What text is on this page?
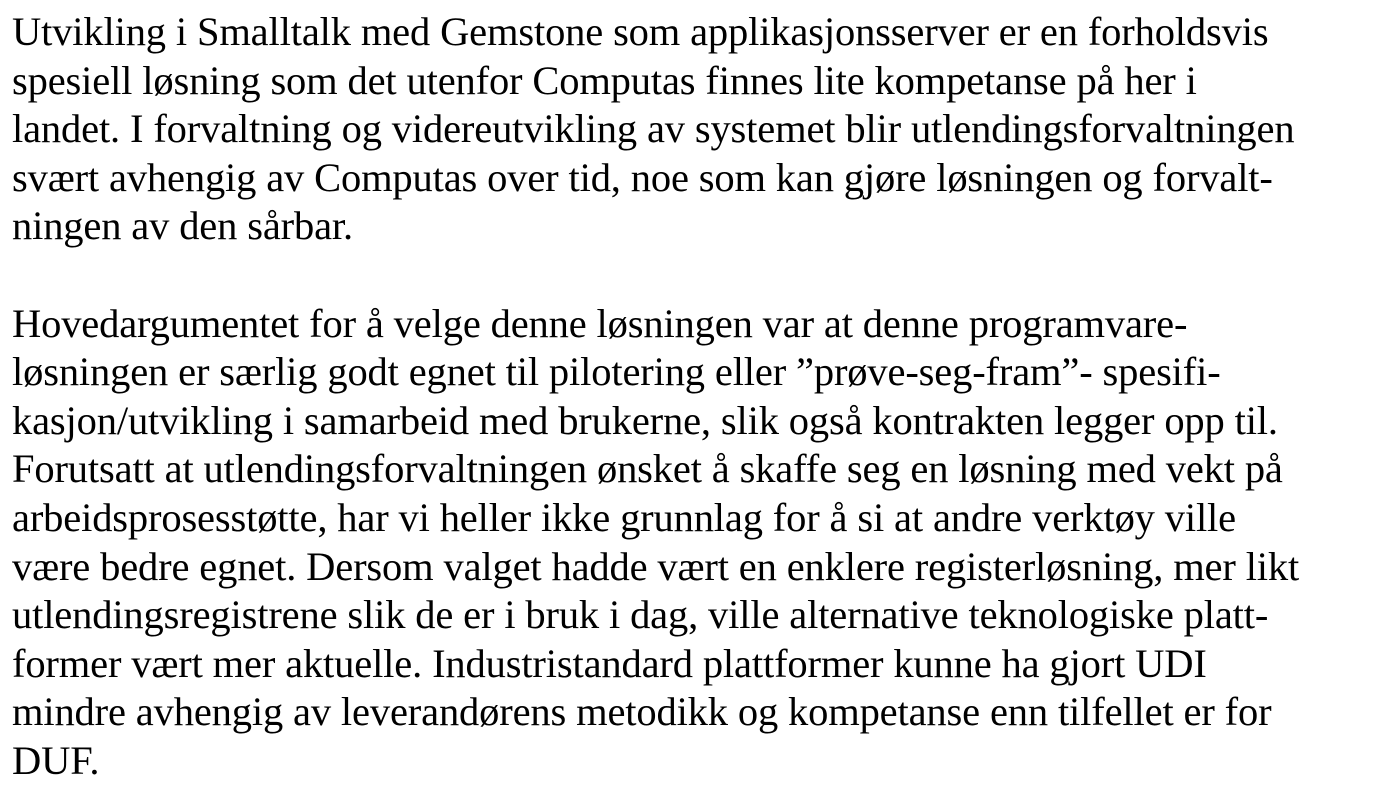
Utvikling i Smalltalk med Gemstone som applikasjonsserver er en forholdsvis
spesiell løsning som det utenfor Computas finnes lite kompetanse på her i
landet. I forvaltning og videreutvikling av systemet blir utlendingsforvaltningen
svært avhengig av Computas over tid, noe som kan gjøre løsningen og forvalt-
ningen av den sårbar.

Hovedargumentet for å velge denne løsningen var at denne programvare-
løsningen er særlig godt egnet til pilotering eller ”prøve-seg-fram”- spesifi-
kasjon/utvikling i samarbeid med brukerne, slik også kontrakten legger opp til.
Forutsatt at utlendingsforvaltningen ønsket å skaffe seg en løsning med vekt på
arbeidsprosesstøtte, har vi heller ikke grunnlag for å si at andre verktøy ville
være bedre egnet. Dersom valget hadde vært en enklere registerløsning, mer likt
utlendingsregistrene slik de er i bruk i dag, ville alternative teknologiske platt-
former vært mer aktuelle. Industristandard plattformer kunne ha gjort UDI
mindre avhengig av leverandørens metodikk og kompetanse enn tilfellet er for
DUF.
